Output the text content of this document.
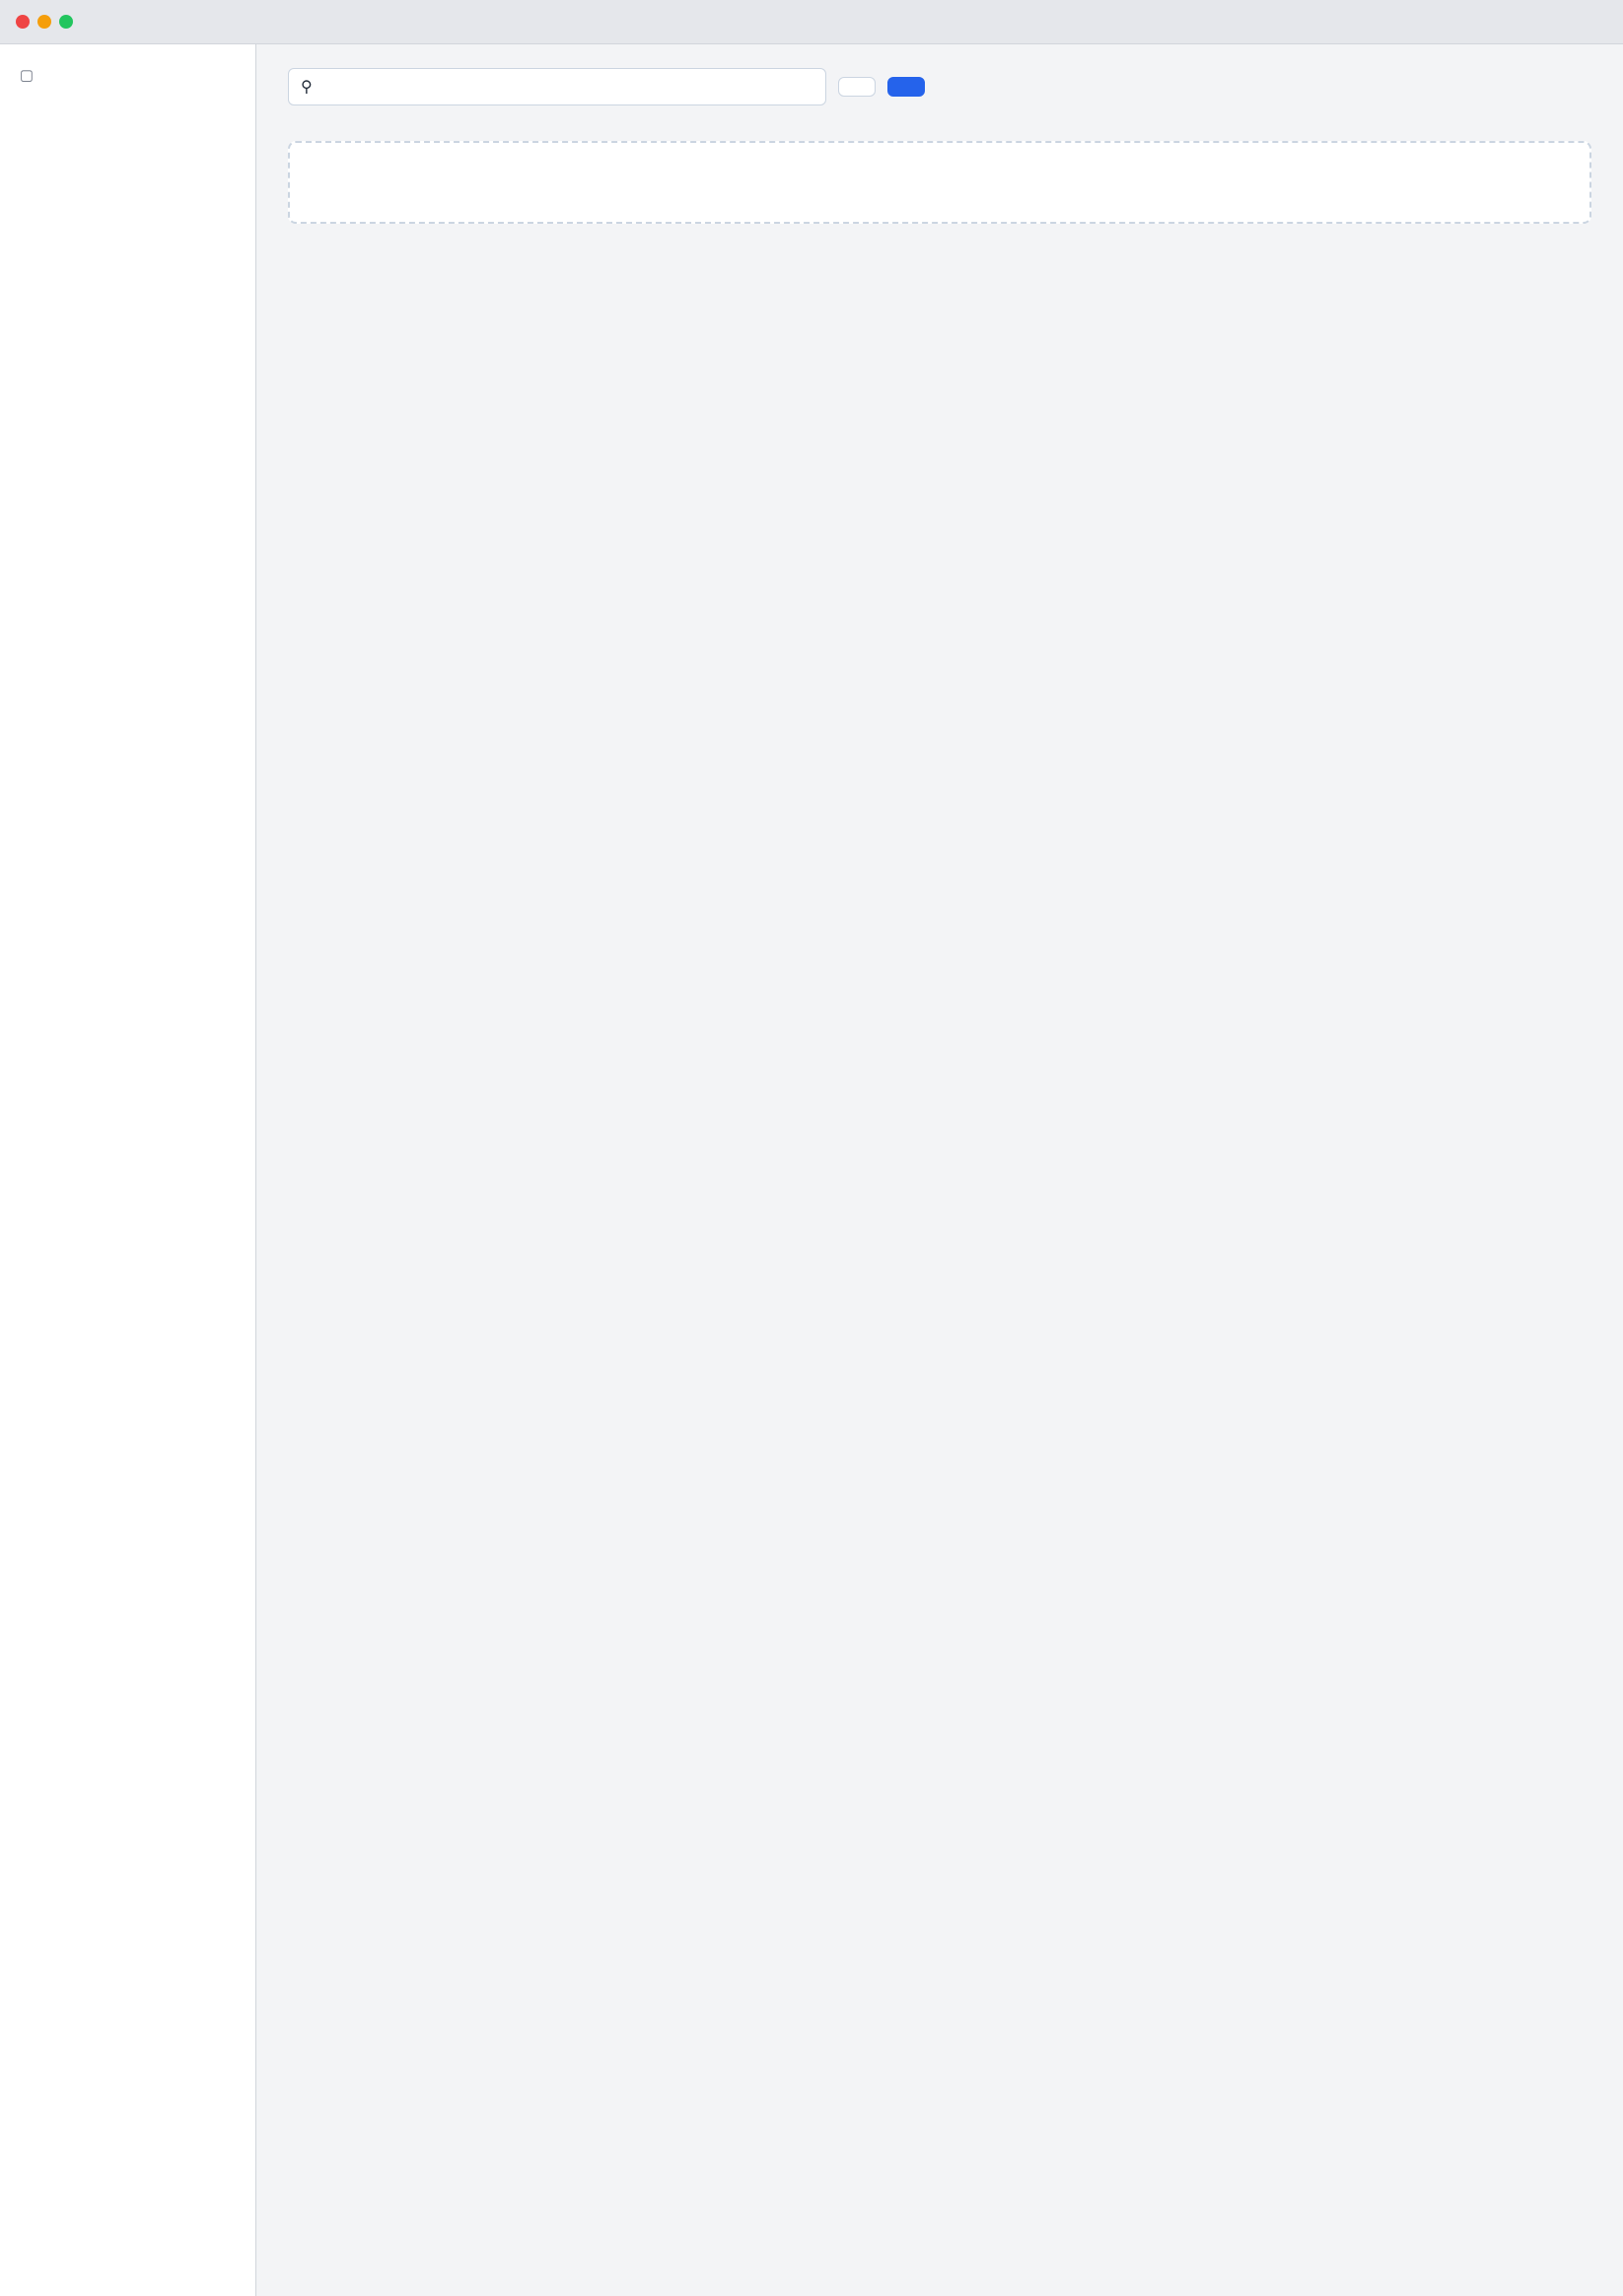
▢
⚲
